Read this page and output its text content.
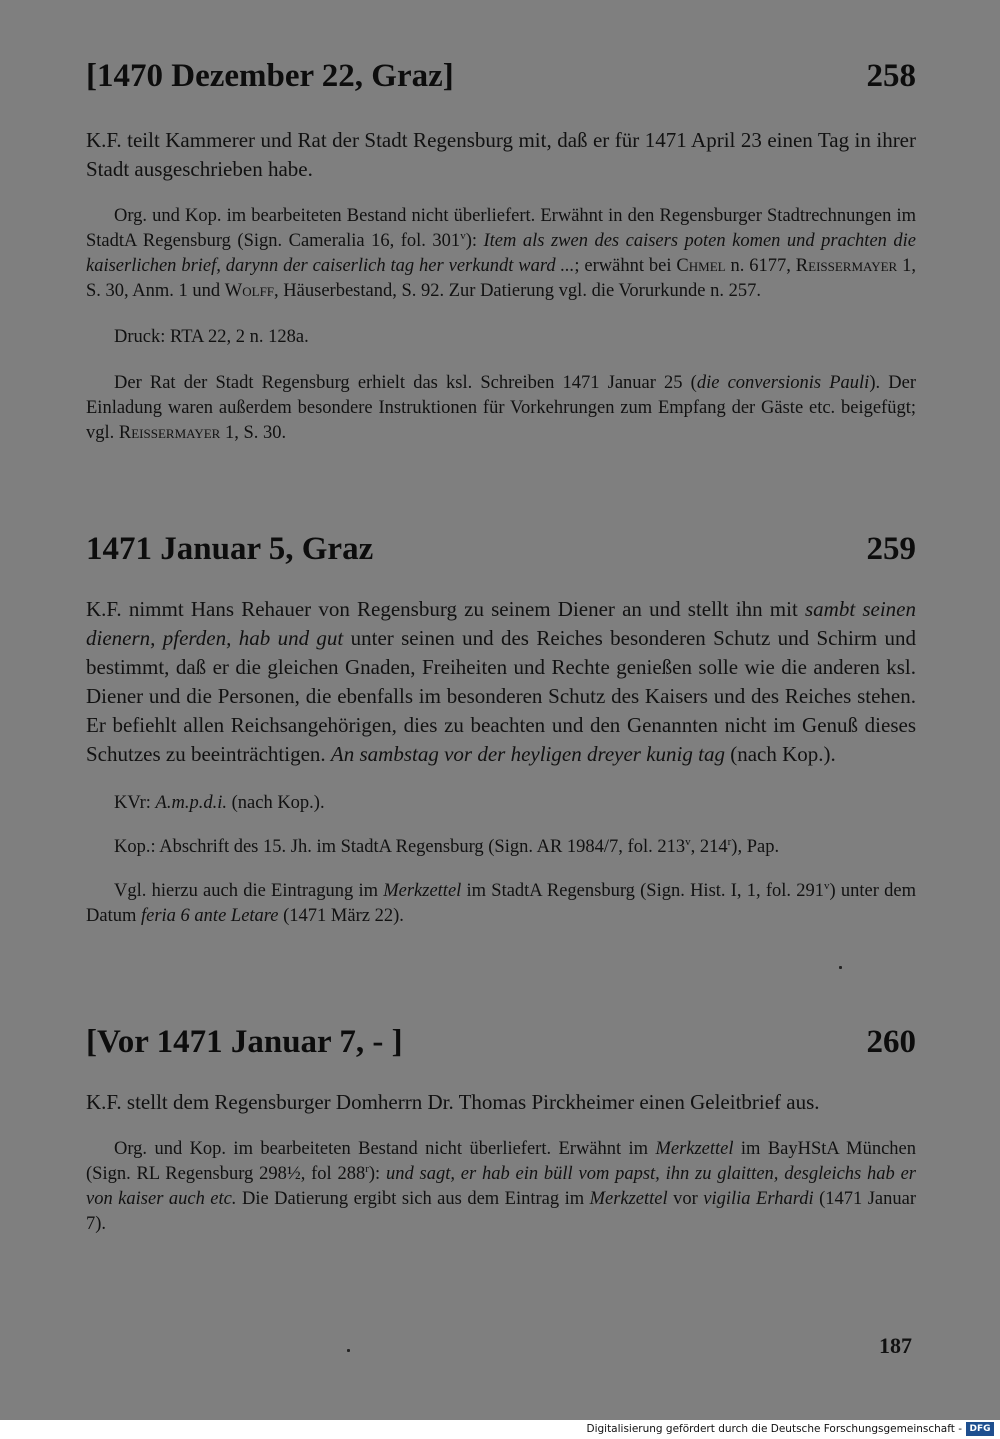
[1470 Dezember 22, Graz]	258

K.F. teilt Kammerer und Rat der Stadt Regensburg mit, daß er für 1471 April 23 einen Tag in ihrer Stadt ausgeschrieben habe.

Org. und Kop. im bearbeiteten Bestand nicht überliefert. Erwähnt in den Regensburger Stadtrechnungen im StadtA Regensburg (Sign. Cameralia 16, fol. 301$^v$): Item als zwen des caisers poten komen und prachten die kaiserlichen brief, darynn der caiserlich tag her verkundt ward ...; erwähnt bei Chmel n. 6177, Reissermayer 1, S. 30, Anm. 1 und Wolff, Häuserbestand, S. 92. Zur Datierung vgl. die Vorurkunde n. 257.

Druck: RTA 22, 2 n. 128a.

Der Rat der Stadt Regensburg erhielt das ksl. Schreiben 1471 Januar 25 (die conversionis Pauli). Der Einladung waren außerdem besondere Instruktionen für Vorkehrungen zum Empfang der Gäste etc. beigefügt; vgl. Reissermayer 1, S. 30.

1471 Januar 5, Graz	259

K.F. nimmt Hans Rehauer von Regensburg zu seinem Diener an und stellt ihn mit sambt seinen dienern, pferden, hab und gut unter seinen und des Reiches besonderen Schutz und Schirm und bestimmt, daß er die gleichen Gnaden, Freiheiten und Rechte genießen solle wie die anderen ksl. Diener und die Personen, die ebenfalls im besonderen Schutz des Kaisers und des Reiches stehen. Er befiehlt allen Reichsangehörigen, dies zu beachten und den Genannten nicht im Genuß dieses Schutzes zu beeinträchtigen. An sambstag vor der heyligen dreyer kunig tag (nach Kop.).

KVr: A.m.p.d.i. (nach Kop.).

Kop.: Abschrift des 15. Jh. im StadtA Regensburg (Sign. AR 1984/7, fol. 213$^v$, 214$^r$), Pap.

Vgl. hierzu auch die Eintragung im Merkzettel im StadtA Regensburg (Sign. Hist. I, 1, fol. 291$^v$) unter dem Datum feria 6 ante Letare (1471 März 22).

[Vor 1471 Januar 7, - ]	260

K.F. stellt dem Regensburger Domherrn Dr. Thomas Pirckheimer einen Geleitbrief aus.

Org. und Kop. im bearbeiteten Bestand nicht überliefert. Erwähnt im Merkzettel im BayHStA München (Sign. RL Regensburg 298½, fol 288$^r$): und sagt, er hab ein büll vom papst, ihn zu glaitten, desgleichs hab er von kaiser auch etc. Die Datierung ergibt sich aus dem Eintrag im Merkzettel vor vigilia Erhardi (1471 Januar 7).

187
Digitalisierung gefördert durch die Deutsche Forschungsgemeinschaft - DFG
